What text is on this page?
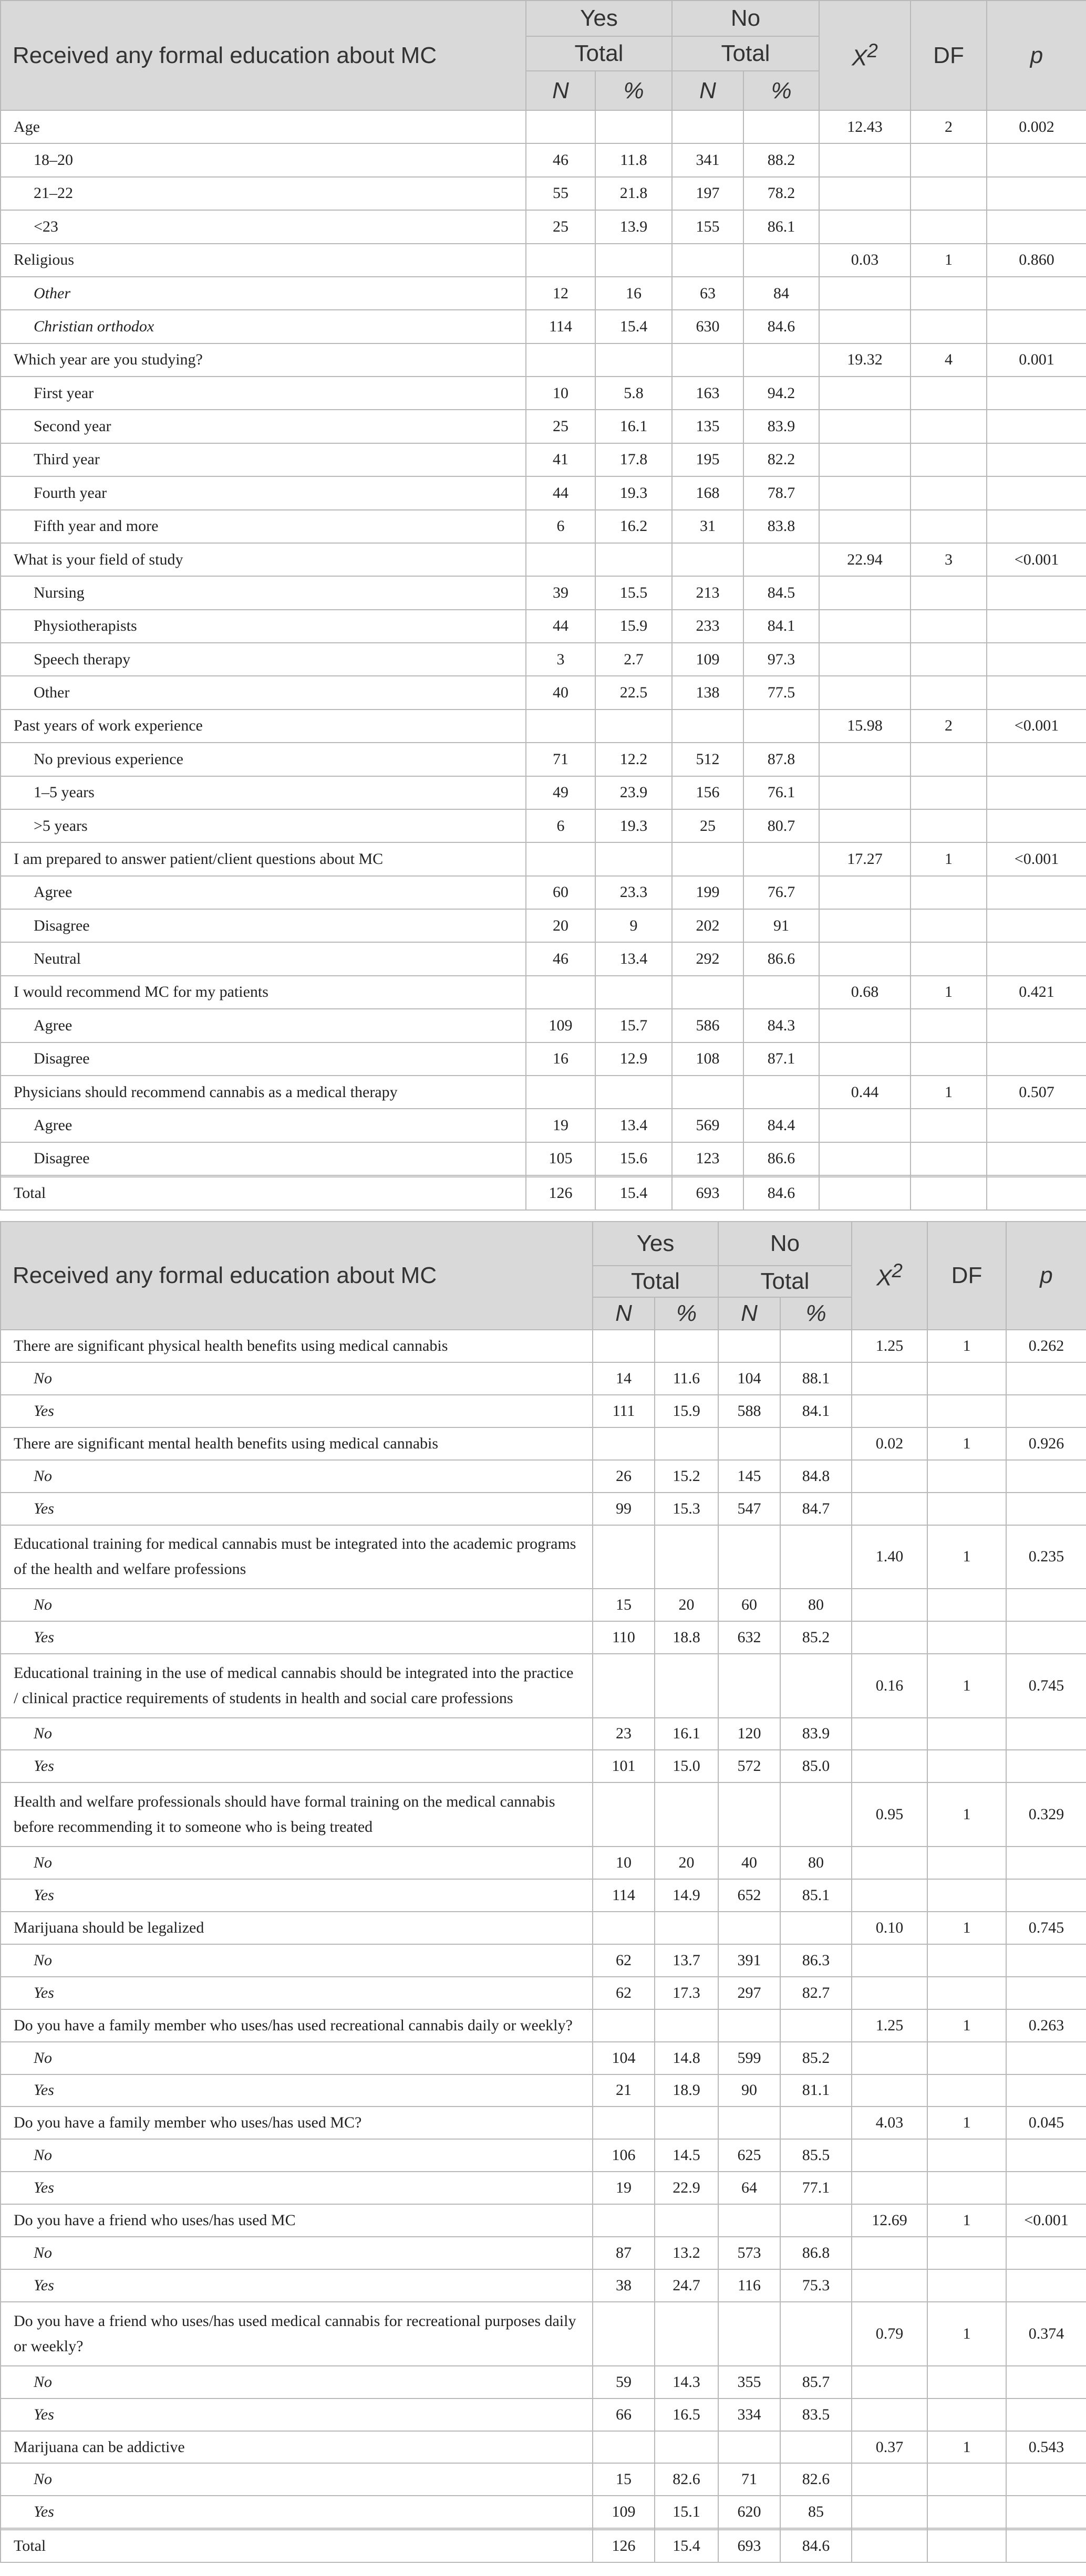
Received any formal education about MC	Yes		No		$X^2$	DF	p
	Total		Total				
	N	%	N	%			
Age					12.43	2	0.002
18–20	46	11.8	341	88.2			
21–22	55	21.8	197	78.2			
<23	25	13.9	155	86.1			
Religious					0.03	1	0.860
Other	12	16	63	84			
Christian orthodox	114	15.4	630	84.6			
Which year are you studying?					19.32	4	0.001
First year	10	5.8	163	94.2			
Second year	25	16.1	135	83.9			
Third year	41	17.8	195	82.2			
Fourth year	44	19.3	168	78.7			
Fifth year and more	6	16.2	31	83.8			
What is your field of study					22.94	3	<0.001
Nursing	39	15.5	213	84.5			
Physiotherapists	44	15.9	233	84.1			
Speech therapy	3	2.7	109	97.3			
Other	40	22.5	138	77.5			
Past years of work experience					15.98	2	<0.001
No previous experience	71	12.2	512	87.8			
1–5 years	49	23.9	156	76.1			
>5 years	6	19.3	25	80.7			
I am prepared to answer patient/client questions about MC					17.27	1	<0.001
Agree	60	23.3	199	76.7			
Disagree	20	9	202	91			
Neutral	46	13.4	292	86.6			
I would recommend MC for my patients					0.68	1	0.421
Agree	109	15.7	586	84.3			
Disagree	16	12.9	108	87.1			
Physicians should recommend cannabis as a medical therapy					0.44	1	0.507
Agree	19	13.4	569	84.4			
Disagree	105	15.6	123	86.6			

Total	126	15.4	693	84.6			
Received any formal education about MC	Yes		No		$X^2$	DF	p
	Total		Total				
	N	%	N	%			
There are significant physical health benefits using medical cannabis					1.25	1	0.262
No	14	11.6	104	88.1			
Yes	111	15.9	588	84.1			
There are significant mental health benefits using medical cannabis					0.02	1	0.926
No	26	15.2	145	84.8			
Yes	99	15.3	547	84.7			
Educational training for medical cannabis must be integrated into the academic programs of the health and welfare professions					1.40	1	0.235
No	15	20	60	80			
Yes	110	18.8	632	85.2			
Educational training in the use of medical cannabis should be integrated into the practice / clinical practice requirements of students in health and social care professions					0.16	1	0.745
No	23	16.1	120	83.9			
Yes	101	15.0	572	85.0			
Health and welfare professionals should have formal training on the medical cannabis before recommending it to someone who is being treated					0.95	1	0.329
No	10	20	40	80			
Yes	114	14.9	652	85.1			
Marijuana should be legalized					0.10	1	0.745
No	62	13.7	391	86.3			
Yes	62	17.3	297	82.7			
Do you have a family member who uses/has used recreational cannabis daily or weekly?					1.25	1	0.263
No	104	14.8	599	85.2			
Yes	21	18.9	90	81.1			
Do you have a family member who uses/has used MC?					4.03	1	0.045
No	106	14.5	625	85.5			
Yes	19	22.9	64	77.1			
Do you have a friend who uses/has used MC					12.69	1	<0.001
No	87	13.2	573	86.8			
Yes	38	24.7	116	75.3			
Do you have a friend who uses/has used medical cannabis for recreational purposes daily or weekly?					0.79	1	0.374
No	59	14.3	355	85.7			
Yes	66	16.5	334	83.5			
Marijuana can be addictive					0.37	1	0.543
No	15	82.6	71	82.6			
Yes	109	15.1	620	85			

Total	126	15.4	693	84.6			
